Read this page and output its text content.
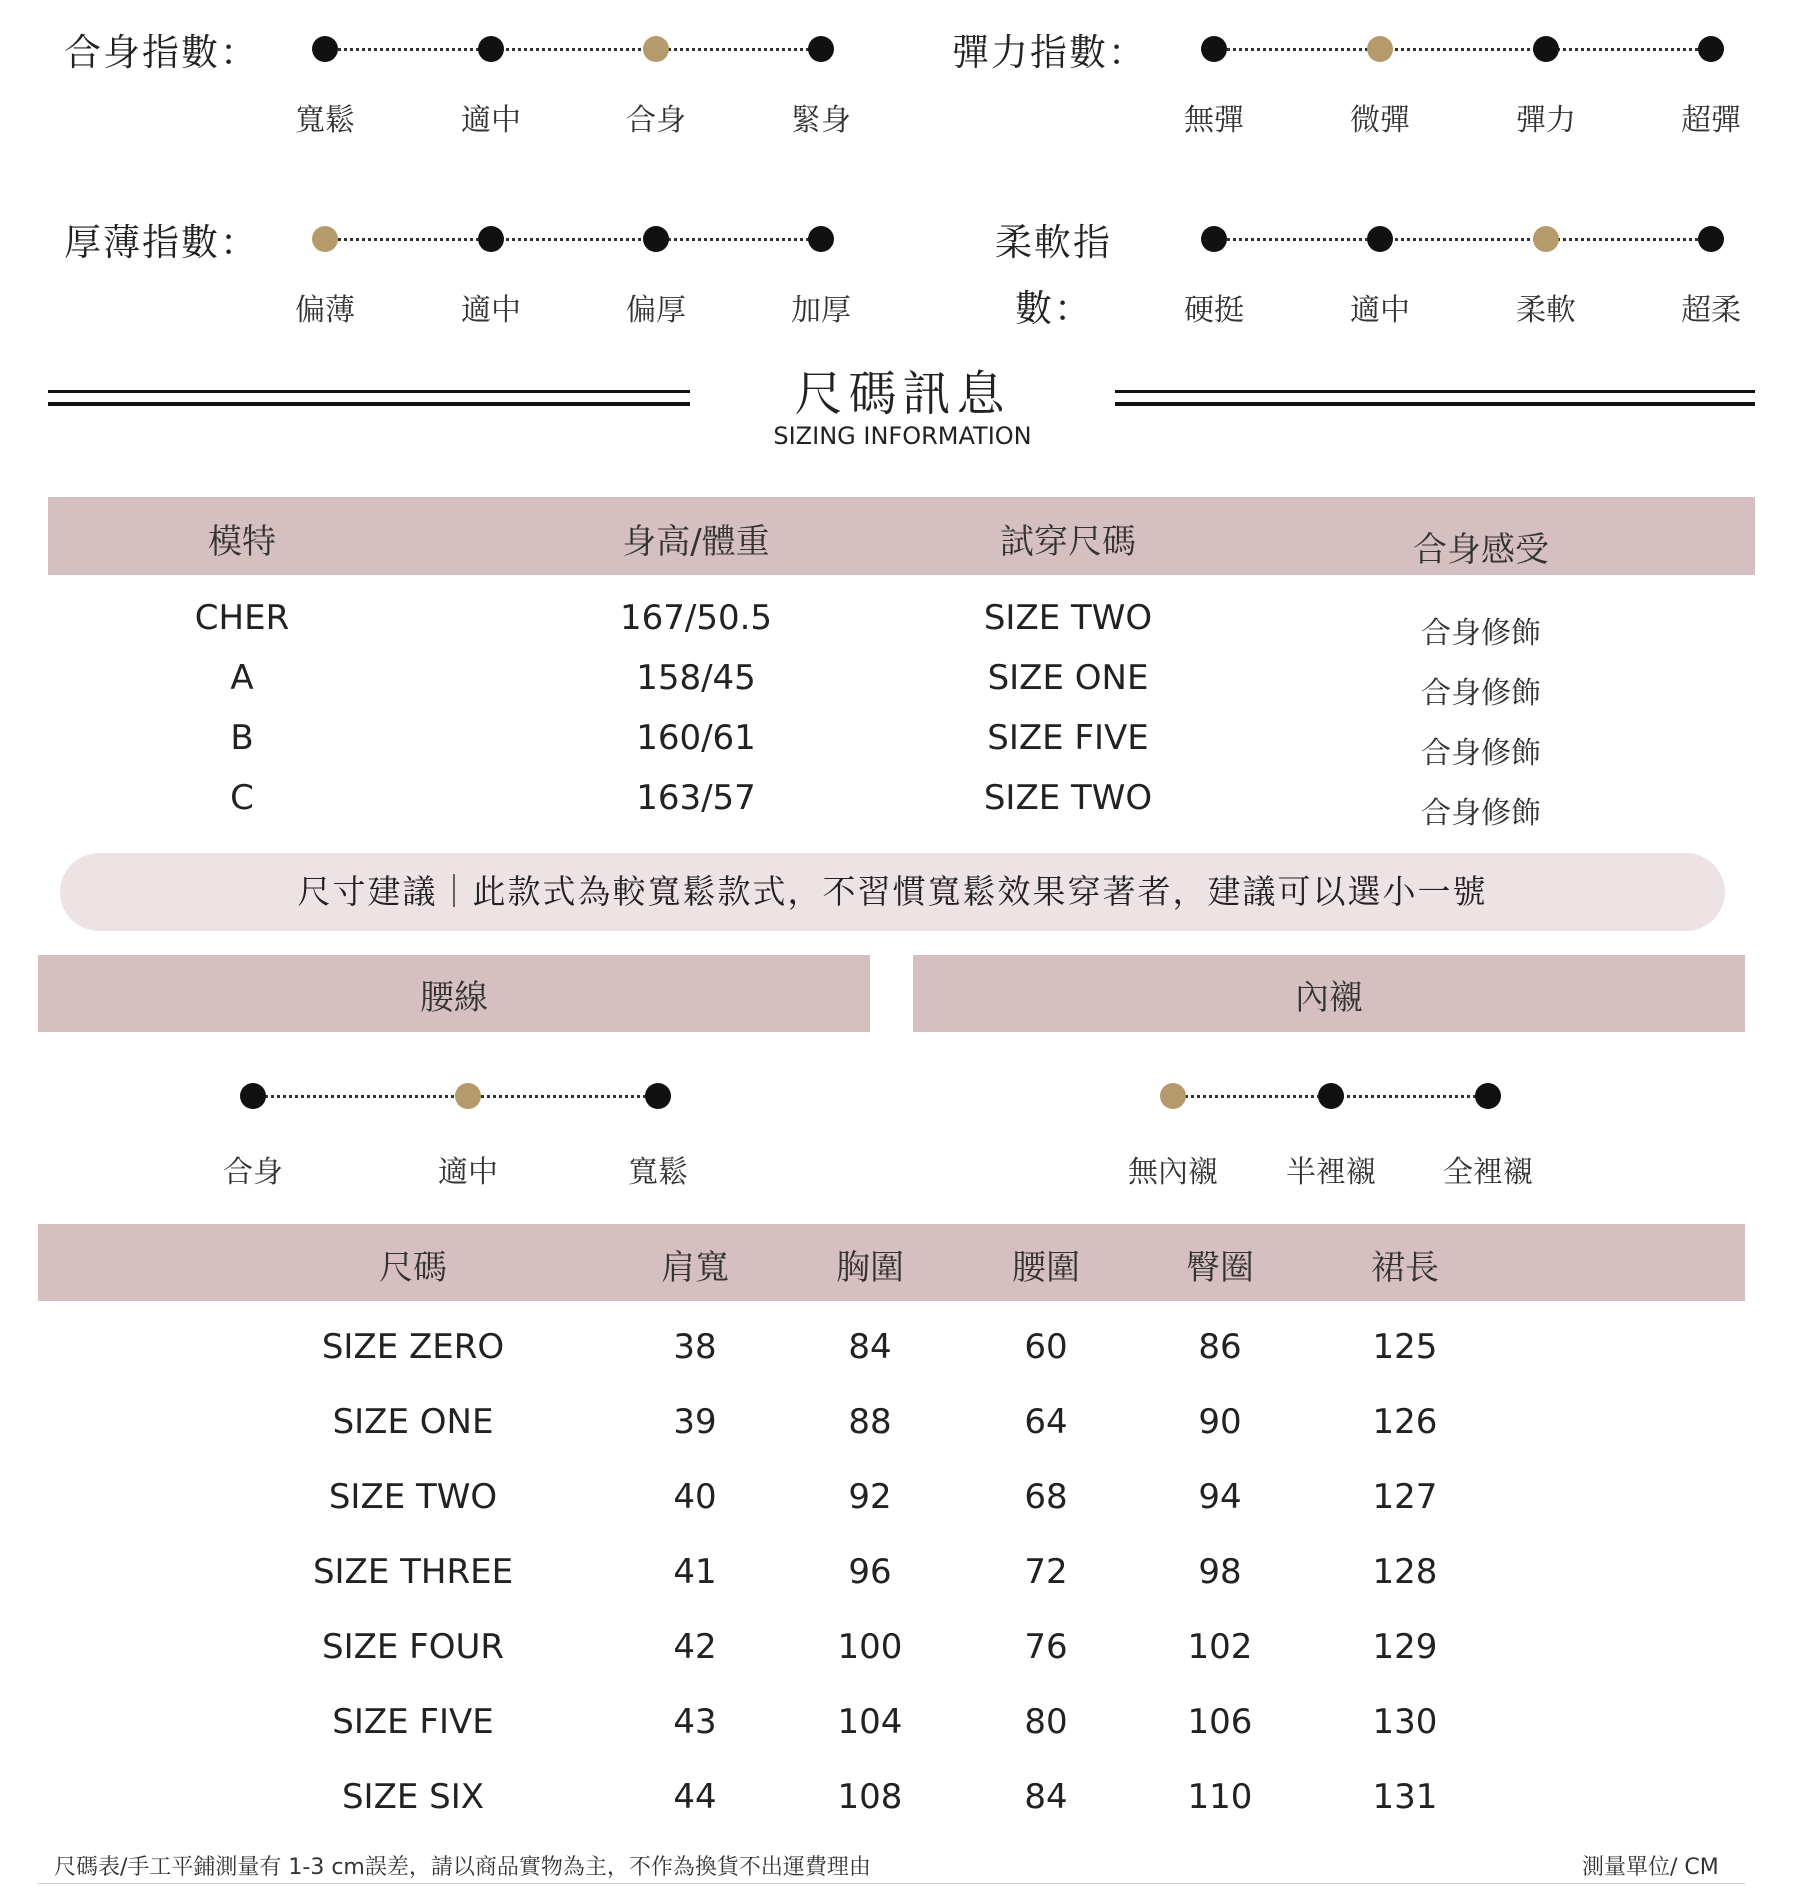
合身指數：	彈力指數：
厚薄指數：	柔軟指
數：
尺碼訊息
SIZING INFORMATION
尺寸建議｜此款式為較寬鬆款式，不習慣寬鬆效果穿著者，建議可以選小一號
腰線	內襯
尺碼表/手工平鋪測量有 1-3 cm誤差，請以商品實物為主，不作為換貨不出運費理由	測量單位/ CM
寬鬆	適中	合身	緊身	無彈	微彈	彈力	超彈
偏薄	適中	偏厚	加厚	硬挺	適中	柔軟	超柔
合身	適中	寬鬆	無內襯	半裡襯	全裡襯
模特	身高/體重	試穿尺碼	合身感受
CHER	167/50.5	SIZE TWO	合身修飾
A	158/45	SIZE ONE	合身修飾
B	160/61	SIZE FIVE	合身修飾
C	163/57	SIZE TWO	合身修飾
尺碼	肩寬	胸圍	腰圍	臀圈	裙長
SIZE ZERO	38	84	60	86	125
SIZE ONE	39	88	64	90	126
SIZE TWO	40	92	68	94	127
SIZE THREE	41	96	72	98	128
SIZE FOUR	42	100	76	102	129
SIZE FIVE	43	104	80	106	130
SIZE SIX	44	108	84	110	131
